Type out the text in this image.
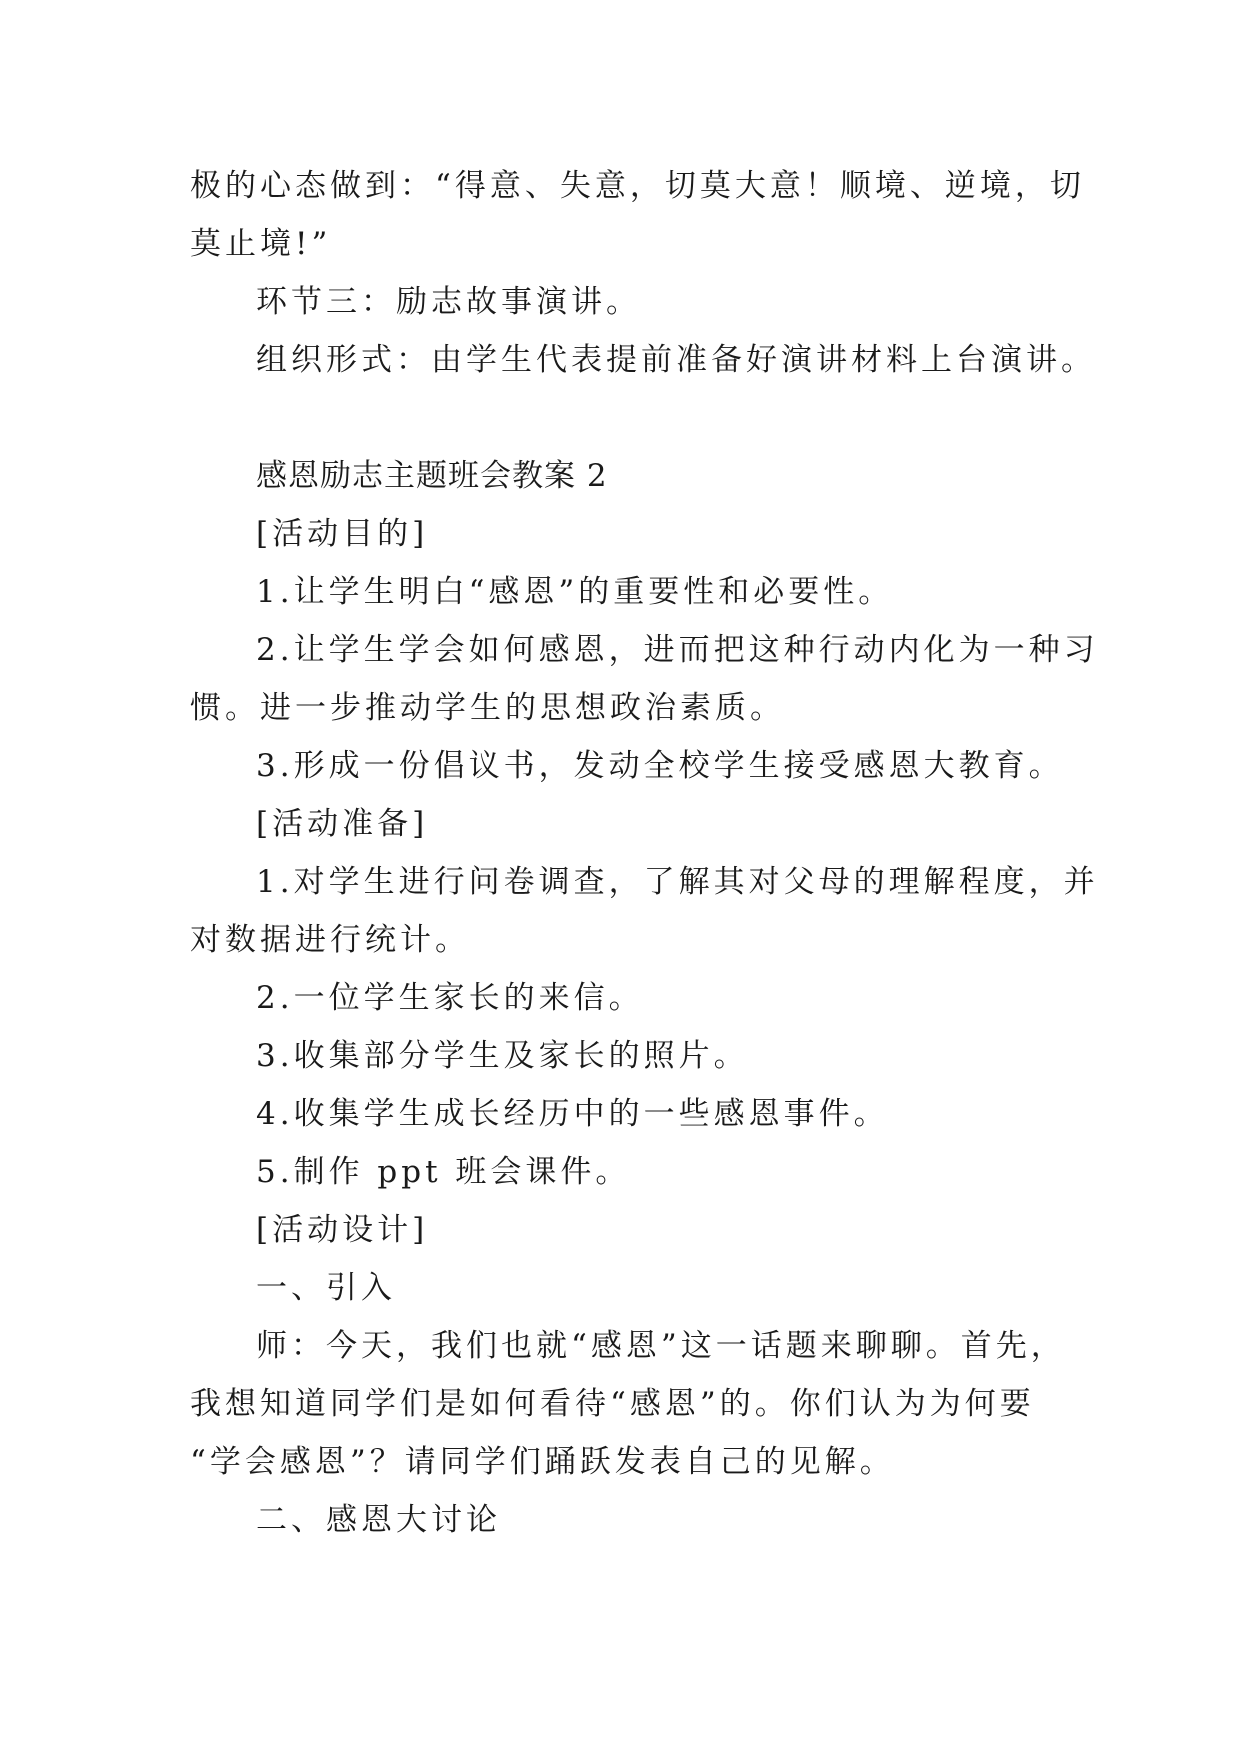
极的心态做到：“得意、失意，切莫大意！顺境、逆境，切
莫止境!”
环节三：励志故事演讲。
组织形式：由学生代表提前准备好演讲材料上台演讲。
感恩励志主题班会教案 2
[活动目的]
1.让学生明白“感恩”的重要性和必要性。
2.让学生学会如何感恩，进而把这种行动内化为一种习
惯。进一步推动学生的思想政治素质。
3.形成一份倡议书，发动全校学生接受感恩大教育。
[活动准备]
1.对学生进行问卷调查，了解其对父母的理解程度，并
对数据进行统计。
2.一位学生家长的来信。
3.收集部分学生及家长的照片。
4.收集学生成长经历中的一些感恩事件。
5.制作 ppt 班会课件。
[活动设计]
一、引入
师：今天，我们也就“感恩”这一话题来聊聊。首先，
我想知道同学们是如何看待“感恩”的。你们认为为何要
“学会感恩”？请同学们踊跃发表自己的见解。
二、感恩大讨论
